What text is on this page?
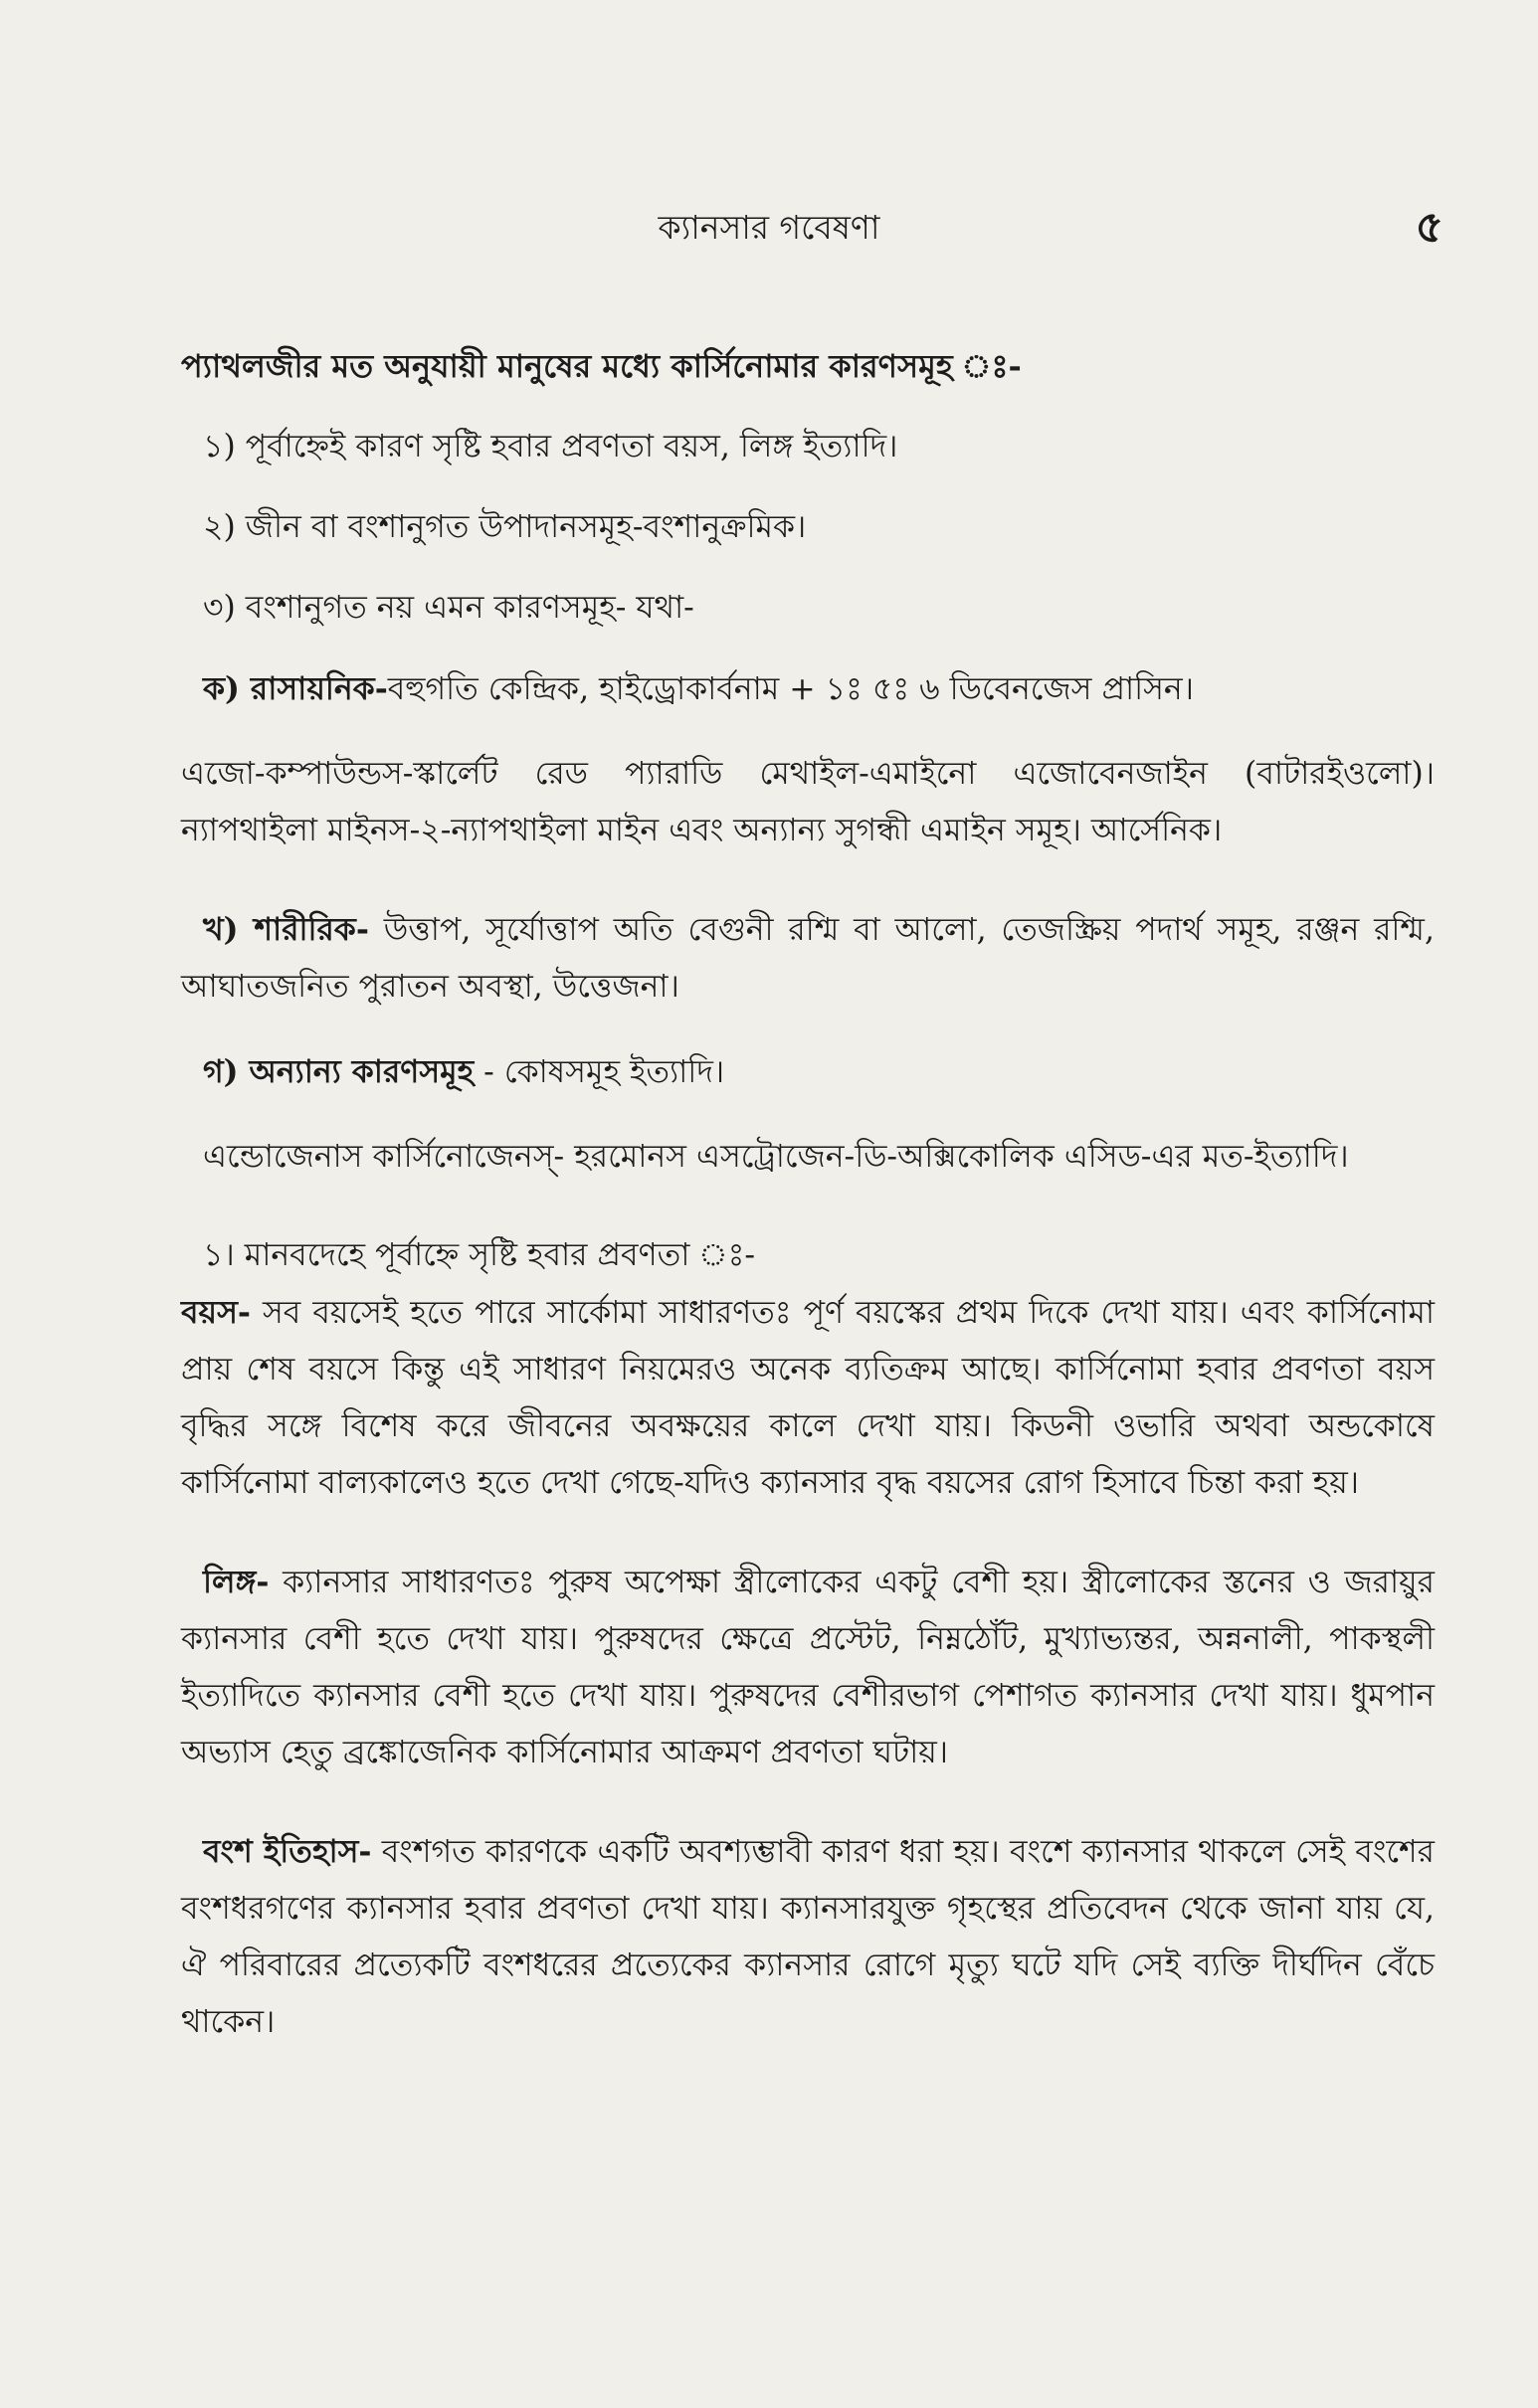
ক্যানসার গবেষণা	৫

প্যাথলজীর মত অনুযায়ী মানুষের মধ্যে কার্সিনোমার কারণসমূহ ঃ-

১) পূর্বাহ্নেই কারণ সৃষ্টি হবার প্রবণতা বয়স, লিঙ্গ ইত্যাদি।

২) জীন বা বংশানুগত উপাদানসমূহ-বংশানুক্রমিক।

৩) বংশানুগত নয় এমন কারণসমূহ- যথা-

ক) রাসায়নিক-বহুগতি কেন্দ্রিক, হাইড্রোকার্বনাম + ১ঃ ৫ঃ ৬ ডিবেনজেস প্রাসিন।

এজো-কম্পাউন্ডস-স্কার্লেট রেড প্যারাডি মেথাইল-এমাইনো এজোবেনজাইন (বাটারইওলো)। ন্যাপথাইলা মাইনস-২-ন্যাপথাইলা মাইন এবং অন্যান্য সুগন্ধী এমাইন সমূহ। আর্সেনিক।

খ) শারীরিক- উত্তাপ, সূর্যোত্তাপ অতি বেগুনী রশ্মি বা আলো, তেজস্ক্রিয় পদার্থ সমূহ, রঞ্জন রশ্মি, আঘাতজনিত পুরাতন অবস্থা, উত্তেজনা।

গ) অন্যান্য কারণসমূহ - কোষসমূহ ইত্যাদি।

এন্ডোজেনাস কার্সিনোজেনস্- হরমোনস এসট্রোজেন-ডি-অক্সিকোলিক এসিড-এর মত-ইত্যাদি।

১। মানবদেহে পূর্বাহ্নে সৃষ্টি হবার প্রবণতা ঃ-

বয়স- সব বয়সেই হতে পারে সার্কোমা সাধারণতঃ পূর্ণ বয়স্কের প্রথম দিকে দেখা যায়। এবং কার্সিনোমা প্রায় শেষ বয়সে কিন্তু এই সাধারণ নিয়মেরও অনেক ব্যতিক্রম আছে। কার্সিনোমা হবার প্রবণতা বয়স বৃদ্ধির সঙ্গে বিশেষ করে জীবনের অবক্ষয়ের কালে দেখা যায়। কিডনী ওভারি অথবা অন্ডকোষে কার্সিনোমা বাল্যকালেও হতে দেখা গেছে-যদিও ক্যানসার বৃদ্ধ বয়সের রোগ হিসাবে চিন্তা করা হয়।

লিঙ্গ- ক্যানসার সাধারণতঃ পুরুষ অপেক্ষা স্ত্রীলোকের একটু বেশী হয়। স্ত্রীলোকের স্তনের ও জরায়ুর ক্যানসার বেশী হতে দেখা যায়। পুরুষদের ক্ষেত্রে প্রস্টেট, নিম্নঠোঁট, মুখ্যাভ্যন্তর, অন্ননালী, পাকস্থলী ইত্যাদিতে ক্যানসার বেশী হতে দেখা যায়। পুরুষদের বেশীরভাগ পেশাগত ক্যানসার দেখা যায়। ধুমপান অভ্যাস হেতু ব্রঙ্কোজেনিক কার্সিনোমার আক্রমণ প্রবণতা ঘটায়।

বংশ ইতিহাস- বংশগত কারণকে একটি অবশ্যম্ভাবী কারণ ধরা হয়। বংশে ক্যানসার থাকলে সেই বংশের বংশধরগণের ক্যানসার হবার প্রবণতা দেখা যায়। ক্যানসারযুক্ত গৃহস্থের প্রতিবেদন থেকে জানা যায় যে, ঐ পরিবারের প্রত্যেকটি বংশধরের প্রত্যেকের ক্যানসার রোগে মৃত্যু ঘটে যদি সেই ব্যক্তি দীর্ঘদিন বেঁচে থাকেন।
